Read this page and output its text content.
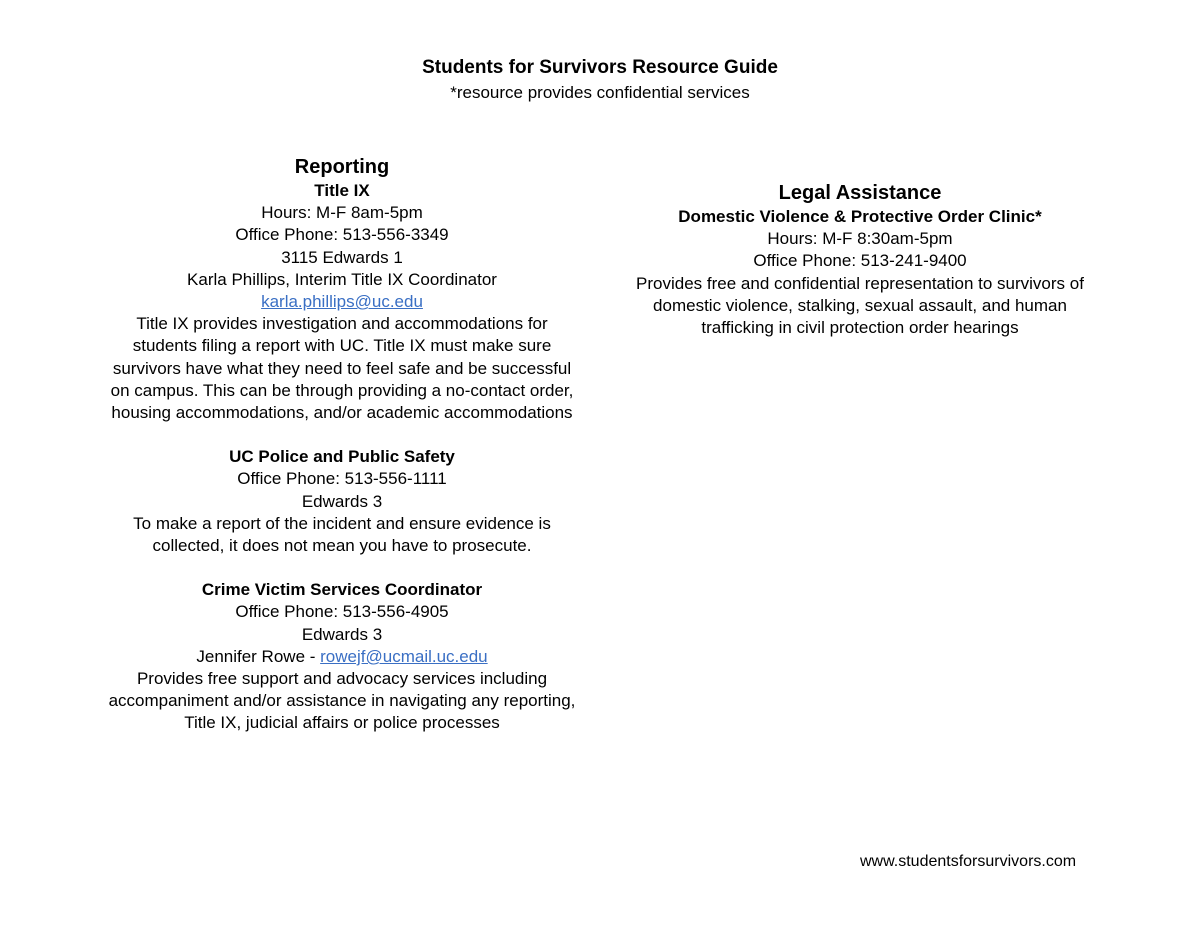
Students for Survivors Resource Guide
*resource provides confidential services
Reporting
Title IX
Hours: M-F 8am-5pm
Office Phone: 513-556-3349
3115 Edwards 1
Karla Phillips, Interim Title IX Coordinator
karla.phillips@uc.edu
Title IX provides investigation and accommodations for
students filing a report with UC. Title IX must make sure
survivors have what they need to feel safe and be successful
on campus. This can be through providing a no-contact order,
housing accommodations, and/or academic accommodations
UC Police and Public Safety
Office Phone: 513-556-1111
Edwards 3
To make a report of the incident and ensure evidence is
collected, it does not mean you have to prosecute.
Crime Victim Services Coordinator
Office Phone: 513-556-4905
Edwards 3
Jennifer Rowe - rowejf@ucmail.uc.edu
Provides free support and advocacy services including
accompaniment and/or assistance in navigating any reporting,
Title IX, judicial affairs or police processes
Legal Assistance
Domestic Violence & Protective Order Clinic*
Hours: M-F 8:30am-5pm
Office Phone: 513-241-9400
Provides free and confidential representation to survivors of
domestic violence, stalking, sexual assault, and human
trafficking in civil protection order hearings
www.studentsforsurvivors.com
